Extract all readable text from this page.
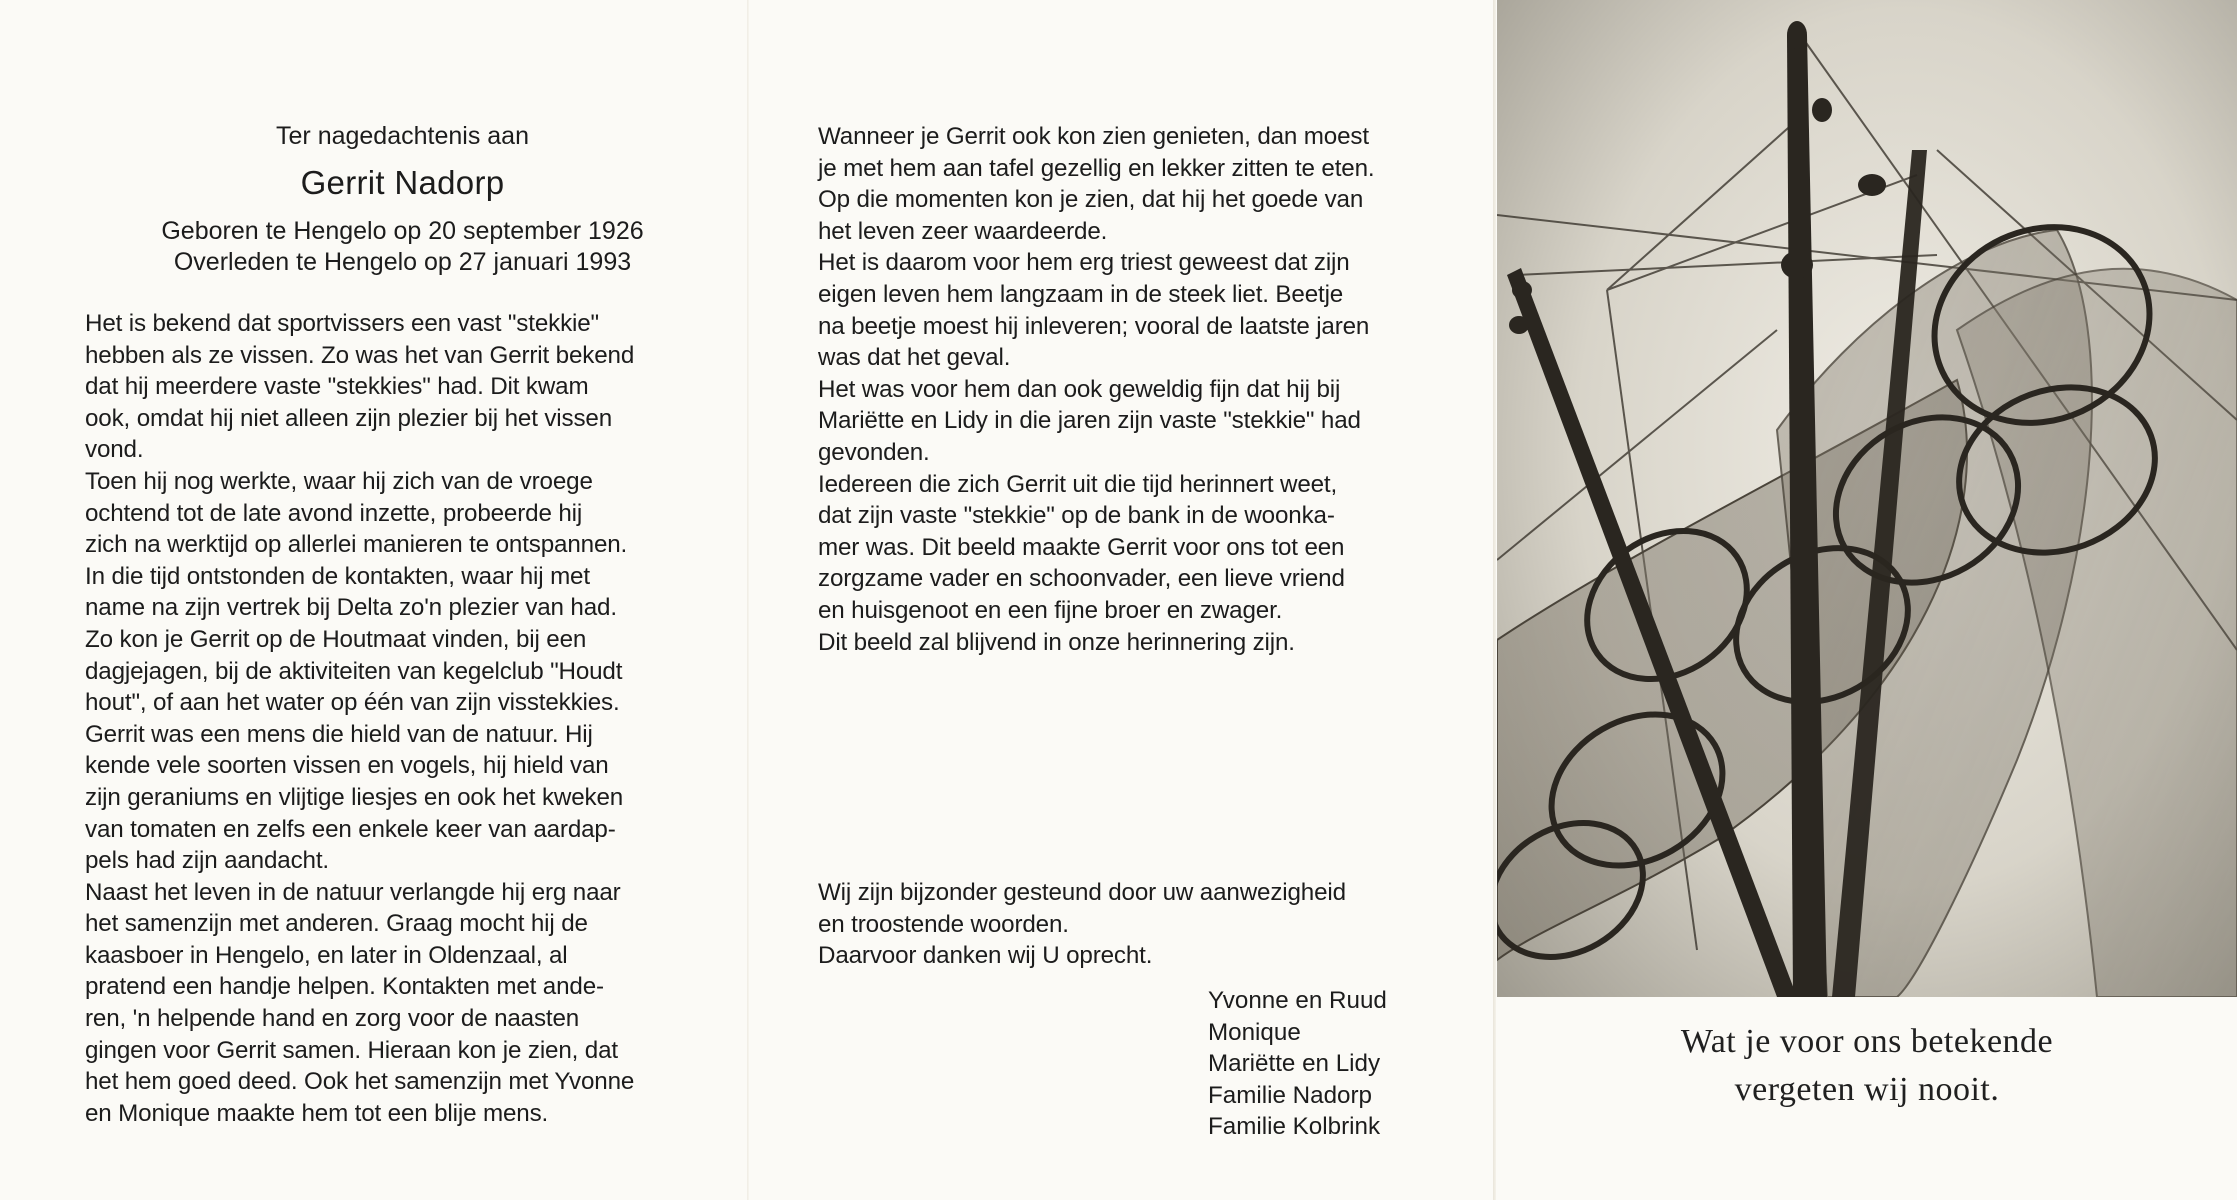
Ter nagedachtenis aan
Gerrit Nadorp
Geboren te Hengelo op 20 september 1926
Overleden te Hengelo op 27 januari 1993

Het is bekend dat sportvissers een vast "stekkie"

hebben als ze vissen. Zo was het van Gerrit bekend

dat hij meerdere vaste "stekkies" had. Dit kwam

ook, omdat hij niet alleen zijn plezier bij het vissen

vond.

Toen hij nog werkte, waar hij zich van de vroege

ochtend tot de late avond inzette, probeerde hij

zich na werktijd op allerlei manieren te ontspannen.

In die tijd ontstonden de kontakten, waar hij met

name na zijn vertrek bij Delta zo'n plezier van had.

Zo kon je Gerrit op de Houtmaat vinden, bij een

dagjejagen, bij de aktiviteiten van kegelclub "Houdt

hout", of aan het water op één van zijn visstekkies.

Gerrit was een mens die hield van de natuur. Hij

kende vele soorten vissen en vogels, hij hield van

zijn geraniums en vlijtige liesjes en ook het kweken

van tomaten en zelfs een enkele keer van aardap-

pels had zijn aandacht.

Naast het leven in de natuur verlangde hij erg naar

het samenzijn met anderen. Graag mocht hij de

kaasboer in Hengelo, en later in Oldenzaal, al

pratend een handje helpen. Kontakten met ande-

ren, 'n helpende hand en zorg voor de naasten

gingen voor Gerrit samen. Hieraan kon je zien, dat

het hem goed deed. Ook het samenzijn met Yvonne

en Monique maakte hem tot een blije mens.

Wanneer je Gerrit ook kon zien genieten, dan moest

je met hem aan tafel gezellig en lekker zitten te eten.

Op die momenten kon je zien, dat hij het goede van

het leven zeer waardeerde.

Het is daarom voor hem erg triest geweest dat zijn

eigen leven hem langzaam in de steek liet. Beetje

na beetje moest hij inleveren; vooral de laatste jaren

was dat het geval.

Het was voor hem dan ook geweldig fijn dat hij bij

Mariëtte en Lidy in die jaren zijn vaste "stekkie" had

gevonden.

Iedereen die zich Gerrit uit die tijd herinnert weet,

dat zijn vaste "stekkie" op de bank in de woonka-

mer was. Dit beeld maakte Gerrit voor ons tot een

zorgzame vader en schoonvader, een lieve vriend

en huisgenoot en een fijne broer en zwager.

Dit beeld zal blijvend in onze herinnering zijn.

Wij zijn bijzonder gesteund door uw aanwezigheid

en troostende woorden.

Daarvoor danken wij U oprecht.

Yvonne en Ruud
Monique
Mariëtte en Lidy
Familie Nadorp
Familie Kolbrink
Wat je voor ons betekende
vergeten wij nooit.
